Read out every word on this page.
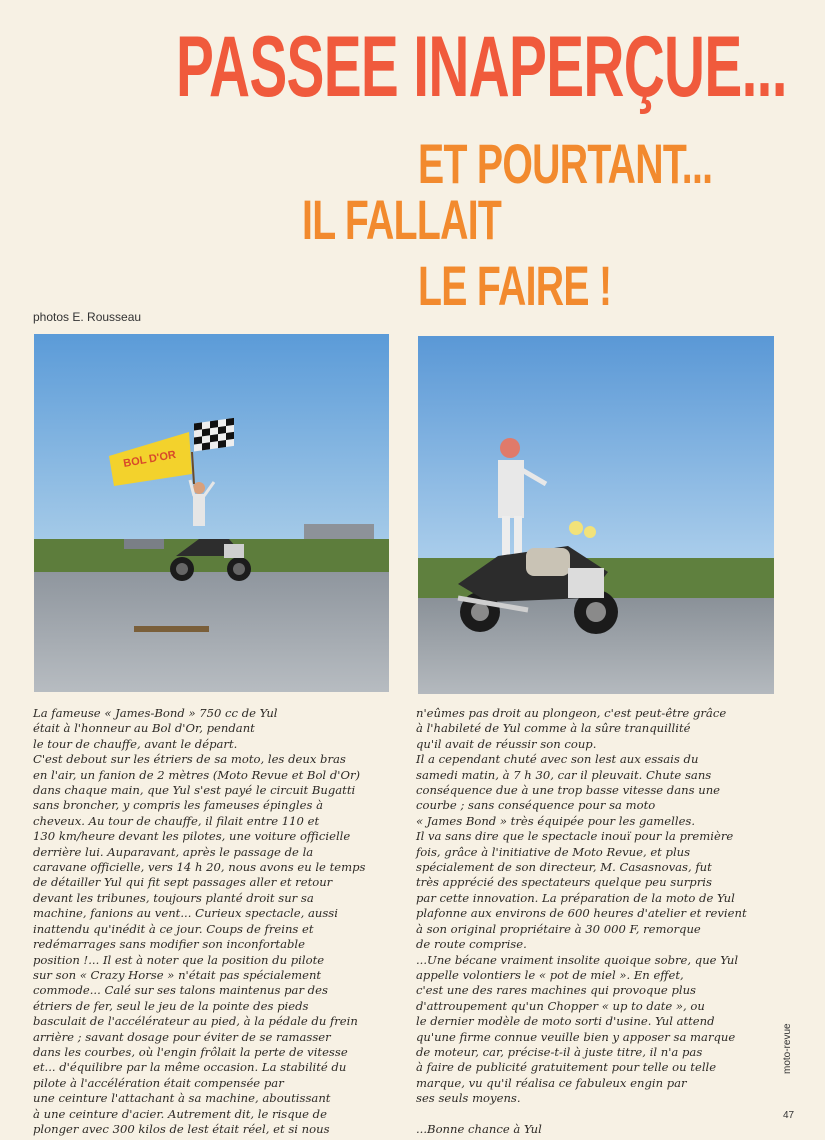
PASSEE INAPERÇUE...
ET POURTANT...
IL FALLAIT
LE FAIRE !
photos E. Rousseau
BOL D'OR

La fameuse « James-Bond » 750 cc de Yul

était à l'honneur au Bol d'Or, pendant

le tour de chauffe, avant le départ.

C'est debout sur les étriers de sa moto, les deux bras

en l'air, un fanion de 2 mètres (Moto Revue et Bol d'Or)

dans chaque main, que Yul s'est payé le circuit Bugatti

sans broncher, y compris les fameuses épingles à

cheveux. Au tour de chauffe, il filait entre 110 et

130 km/heure devant les pilotes, une voiture officielle

derrière lui. Auparavant, après le passage de la

caravane officielle, vers 14 h 20, nous avons eu le temps

de détailler Yul qui fit sept passages aller et retour

devant les tribunes, toujours planté droit sur sa

machine, fanions au vent... Curieux spectacle, aussi

inattendu qu'inédit à ce jour. Coups de freins et

redémarrages sans modifier son inconfortable

position !... Il est à noter que la position du pilote

sur son « Crazy Horse » n'était pas spécialement

commode... Calé sur ses talons maintenus par des

étriers de fer, seul le jeu de la pointe des pieds

basculait de l'accélérateur au pied, à la pédale du frein

arrière ; savant dosage pour éviter de se ramasser

dans les courbes, où l'engin frôlait la perte de vitesse

et... d'équilibre par la même occasion. La stabilité du

pilote à l'accélération était compensée par

une ceinture l'attachant à sa machine, aboutissant

à une ceinture d'acier. Autrement dit, le risque de

plonger avec 300 kilos de lest était réel, et si nous

n'eûmes pas droit au plongeon, c'est peut-être grâce

à l'habileté de Yul comme à la sûre tranquillité

qu'il avait de réussir son coup.

Il a cependant chuté avec son lest aux essais du

samedi matin, à 7 h 30, car il pleuvait. Chute sans

conséquence due à une trop basse vitesse dans une

courbe ; sans conséquence pour sa moto

« James Bond » très équipée pour les gamelles.

Il va sans dire que le spectacle inouï pour la première

fois, grâce à l'initiative de Moto Revue, et plus

spécialement de son directeur, M. Casasnovas, fut

très apprécié des spectateurs quelque peu surpris

par cette innovation. La préparation de la moto de Yul

plafonne aux environs de 600 heures d'atelier et revient

à son original propriétaire à 30 000 F, remorque

de route comprise.

...Une bécane vraiment insolite quoique sobre, que Yul

appelle volontiers le « pot de miel ». En effet,

c'est une des rares machines qui provoque plus

d'attroupement qu'un Chopper « up to date », ou

le dernier modèle de moto sorti d'usine. Yul attend

qu'une firme connue veuille bien y apposer sa marque

de moteur, car, précise-t-il à juste titre, il n'a pas

à faire de publicité gratuitement pour telle ou telle

marque, vu qu'il réalisa ce fabuleux engin par

ses seuls moyens.

...Bonne chance à Yul

moto-revue
47
